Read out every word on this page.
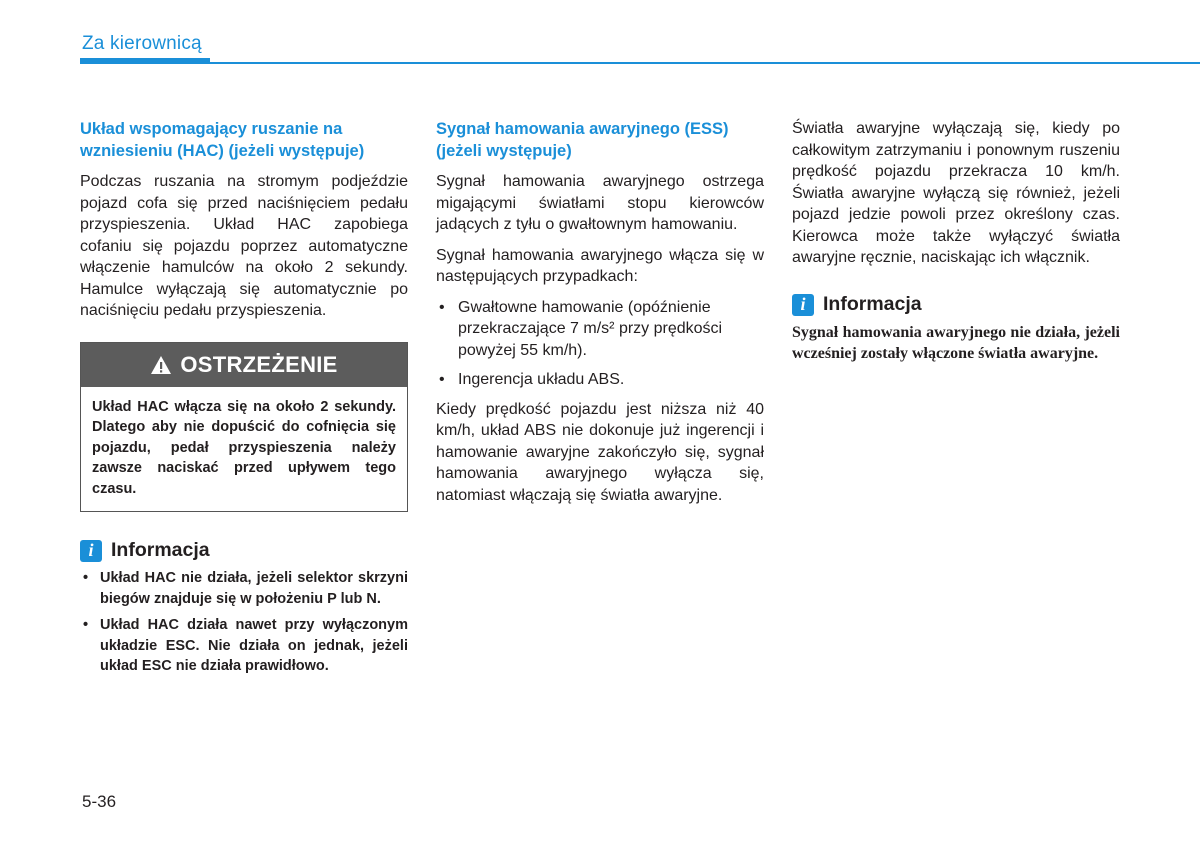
Za kierownicą
Układ wspomagający ruszanie na wzniesieniu (HAC) (jeżeli występuje)

Podczas ruszania na stromym podjeździe pojazd cofa się przed naciśnięciem pedału przyspieszenia. Układ HAC zapobiega cofaniu się pojazdu poprzez automatyczne włączenie hamulców na około 2 sekundy. Hamulce wyłączają się automatycznie po naciśnięciu pedału przyspieszenia.

OSTRZEŻENIE
Układ HAC włącza się na około 2 sekundy. Dlatego aby nie dopuścić do cofnięcia się pojazdu, pedał przyspieszenia należy zawsze naciskać przed upływem tego czasu.
i Informacja
• Układ HAC nie działa, jeżeli selektor skrzyni biegów znajduje się w położeniu P lub N.
• Układ HAC działa nawet przy wyłączonym układzie ESC. Nie działa on jednak, jeżeli układ ESC nie działa prawidłowo.
Sygnał hamowania awaryjnego (ESS) (jeżeli występuje)

Sygnał hamowania awaryjnego ostrzega migającymi światłami stopu kierowców jadących z tyłu o gwałtownym hamowaniu.

Sygnał hamowania awaryjnego włącza się w następujących przypadkach:

• Gwałtowne hamowanie (opóźnienie przekraczające 7 m/s² przy prędkości powyżej 55 km/h).
• Ingerencja układu ABS.

Kiedy prędkość pojazdu jest niższa niż 40 km/h, układ ABS nie dokonuje już ingerencji i hamowanie awaryjne zakończyło się, sygnał hamowania awaryjnego wyłącza się, natomiast włączają się światła awaryjne.

Światła awaryjne wyłączają się, kiedy po całkowitym zatrzymaniu i ponownym ruszeniu prędkość pojazdu przekracza 10 km/h. Światła awaryjne wyłączą się również, jeżeli pojazd jedzie powoli przez określony czas. Kierowca może także wyłączyć światła awaryjne ręcznie, naciskając ich włącznik.

i Informacja
Sygnał hamowania awaryjnego nie działa, jeżeli wcześniej zostały włączone światła awaryjne.
5-36
